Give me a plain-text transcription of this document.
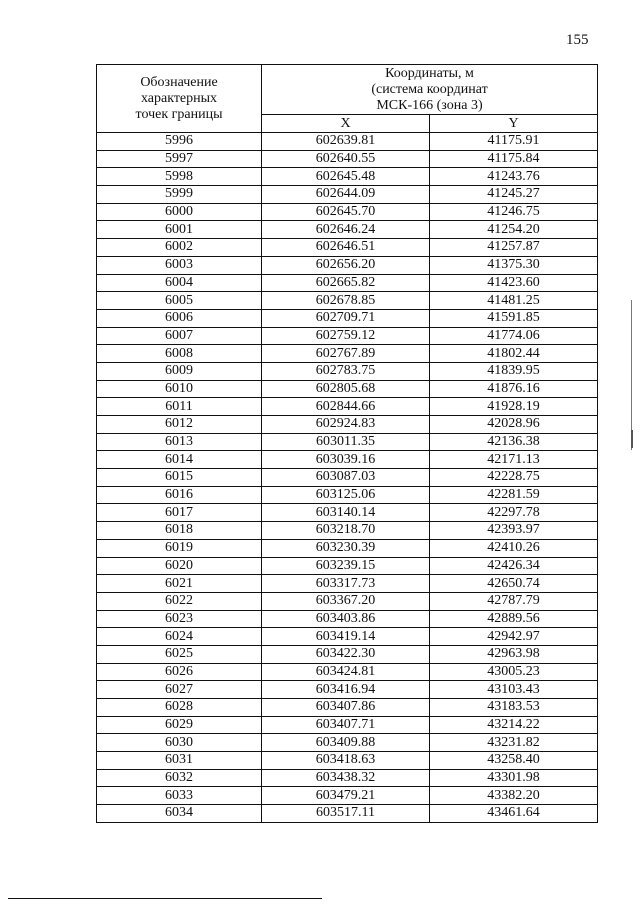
155
Обозначение
характерных
точек границы	Координаты, м
(система координат
МСК-166 (зона 3)	
	X	Y
5996	602639.81	41175.91
5997	602640.55	41175.84
5998	602645.48	41243.76
5999	602644.09	41245.27
6000	602645.70	41246.75
6001	602646.24	41254.20
6002	602646.51	41257.87
6003	602656.20	41375.30
6004	602665.82	41423.60
6005	602678.85	41481.25
6006	602709.71	41591.85
6007	602759.12	41774.06
6008	602767.89	41802.44
6009	602783.75	41839.95
6010	602805.68	41876.16
6011	602844.66	41928.19
6012	602924.83	42028.96
6013	603011.35	42136.38
6014	603039.16	42171.13
6015	603087.03	42228.75
6016	603125.06	42281.59
6017	603140.14	42297.78
6018	603218.70	42393.97
6019	603230.39	42410.26
6020	603239.15	42426.34
6021	603317.73	42650.74
6022	603367.20	42787.79
6023	603403.86	42889.56
6024	603419.14	42942.97
6025	603422.30	42963.98
6026	603424.81	43005.23
6027	603416.94	43103.43
6028	603407.86	43183.53
6029	603407.71	43214.22
6030	603409.88	43231.82
6031	603418.63	43258.40
6032	603438.32	43301.98
6033	603479.21	43382.20
6034	603517.11	43461.64
